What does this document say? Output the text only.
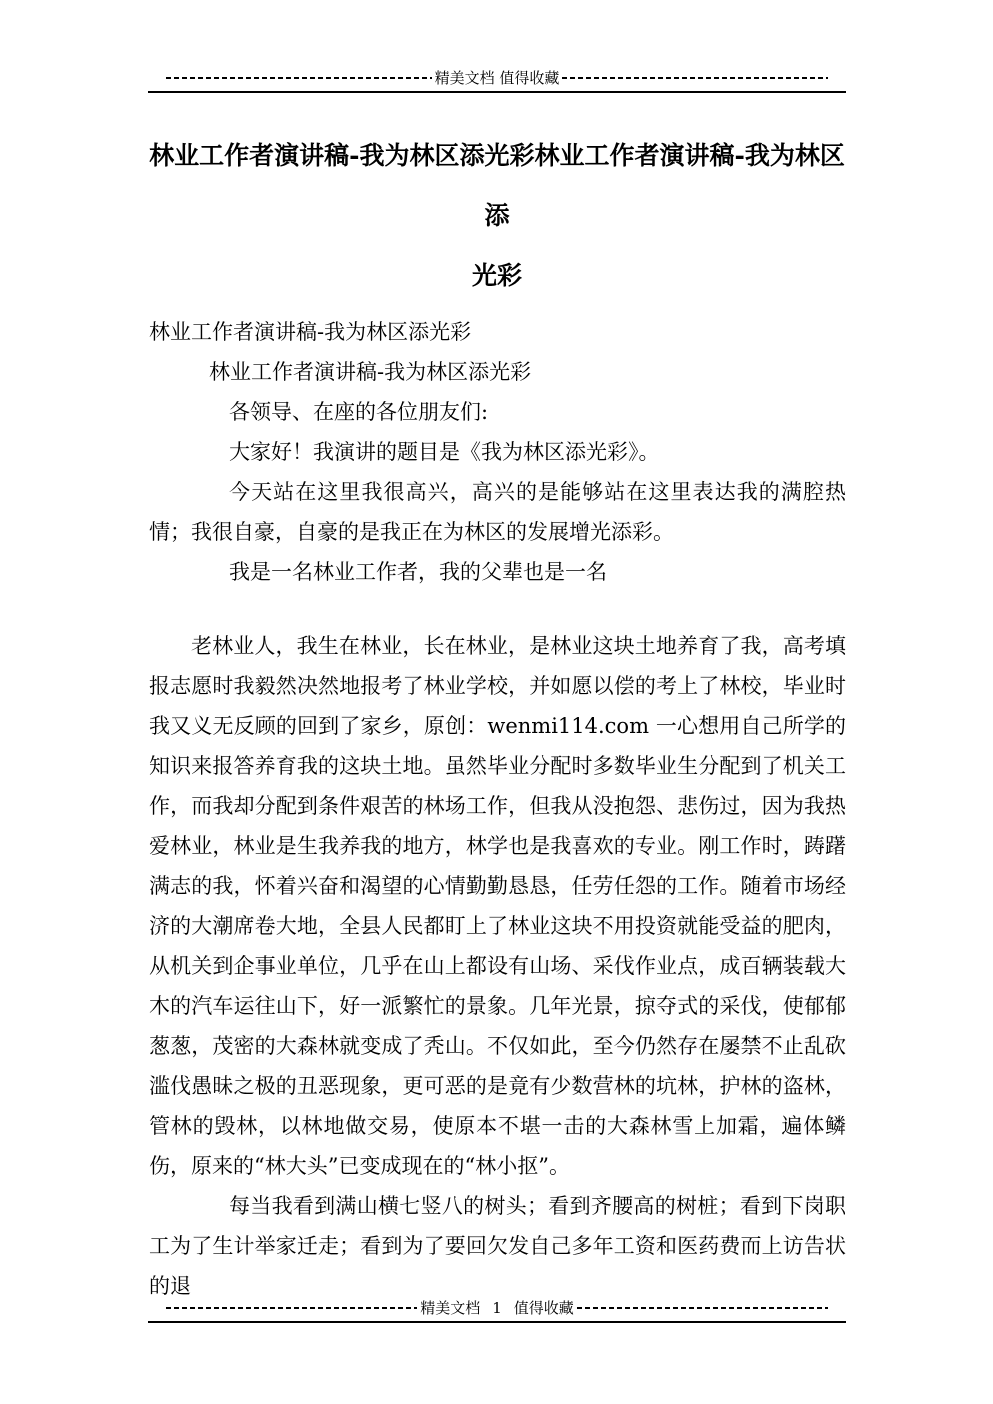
精美文档 值得收藏
林业工作者演讲稿-我为林区添光彩林业工作者演讲稿-我为林区添
光彩

林业工作者演讲稿-我为林区添光彩

林业工作者演讲稿-我为林区添光彩

各领导、在座的各位朋友们:

大家好！我演讲的题目是《我为林区添光彩》。

今天站在这里我很高兴，高兴的是能够站在这里表达我的满腔热情；我很自豪，自豪的是我正在为林区的发展增光添彩。

我是一名林业工作者，我的父辈也是一名

老林业人，我生在林业，长在林业，是林业这块土地养育了我，高考填报志愿时我毅然决然地报考了林业学校，并如愿以偿的考上了林校，毕业时我又义无反顾的回到了家乡，原创：wenmi114.com 一心想用自己所学的知识来报答养育我的这块土地。虽然毕业分配时多数毕业生分配到了机关工作，而我却分配到条件艰苦的林场工作，但我从没抱怨、悲伤过，因为我热爱林业，林业是生我养我的地方，林学也是我喜欢的专业。刚工作时，踌躇满志的我，怀着兴奋和渴望的心情勤勤恳恳，任劳任怨的工作。随着市场经济的大潮席卷大地，全县人民都盯上了林业这块不用投资就能受益的肥肉，从机关到企事业单位，几乎在山上都设有山场、采伐作业点，成百辆装载大木的汽车运往山下，好一派繁忙的景象。几年光景，掠夺式的采伐，使郁郁葱葱，茂密的大森林就变成了秃山。不仅如此，至今仍然存在屡禁不止乱砍滥伐愚昧之极的丑恶现象，更可恶的是竟有少数营林的坑林，护林的盗林，管林的毁林，以林地做交易，使原本不堪一击的大森林雪上加霜，遍体鳞伤，原来的“林大头”已变成现在的“林小抠”。

每当我看到满山横七竖八的树头；看到齐腰高的树桩；看到下岗职工为了生计举家迁走；看到为了要回欠发自己多年工资和医药费而上访告状的退

精美文档 1 值得收藏
